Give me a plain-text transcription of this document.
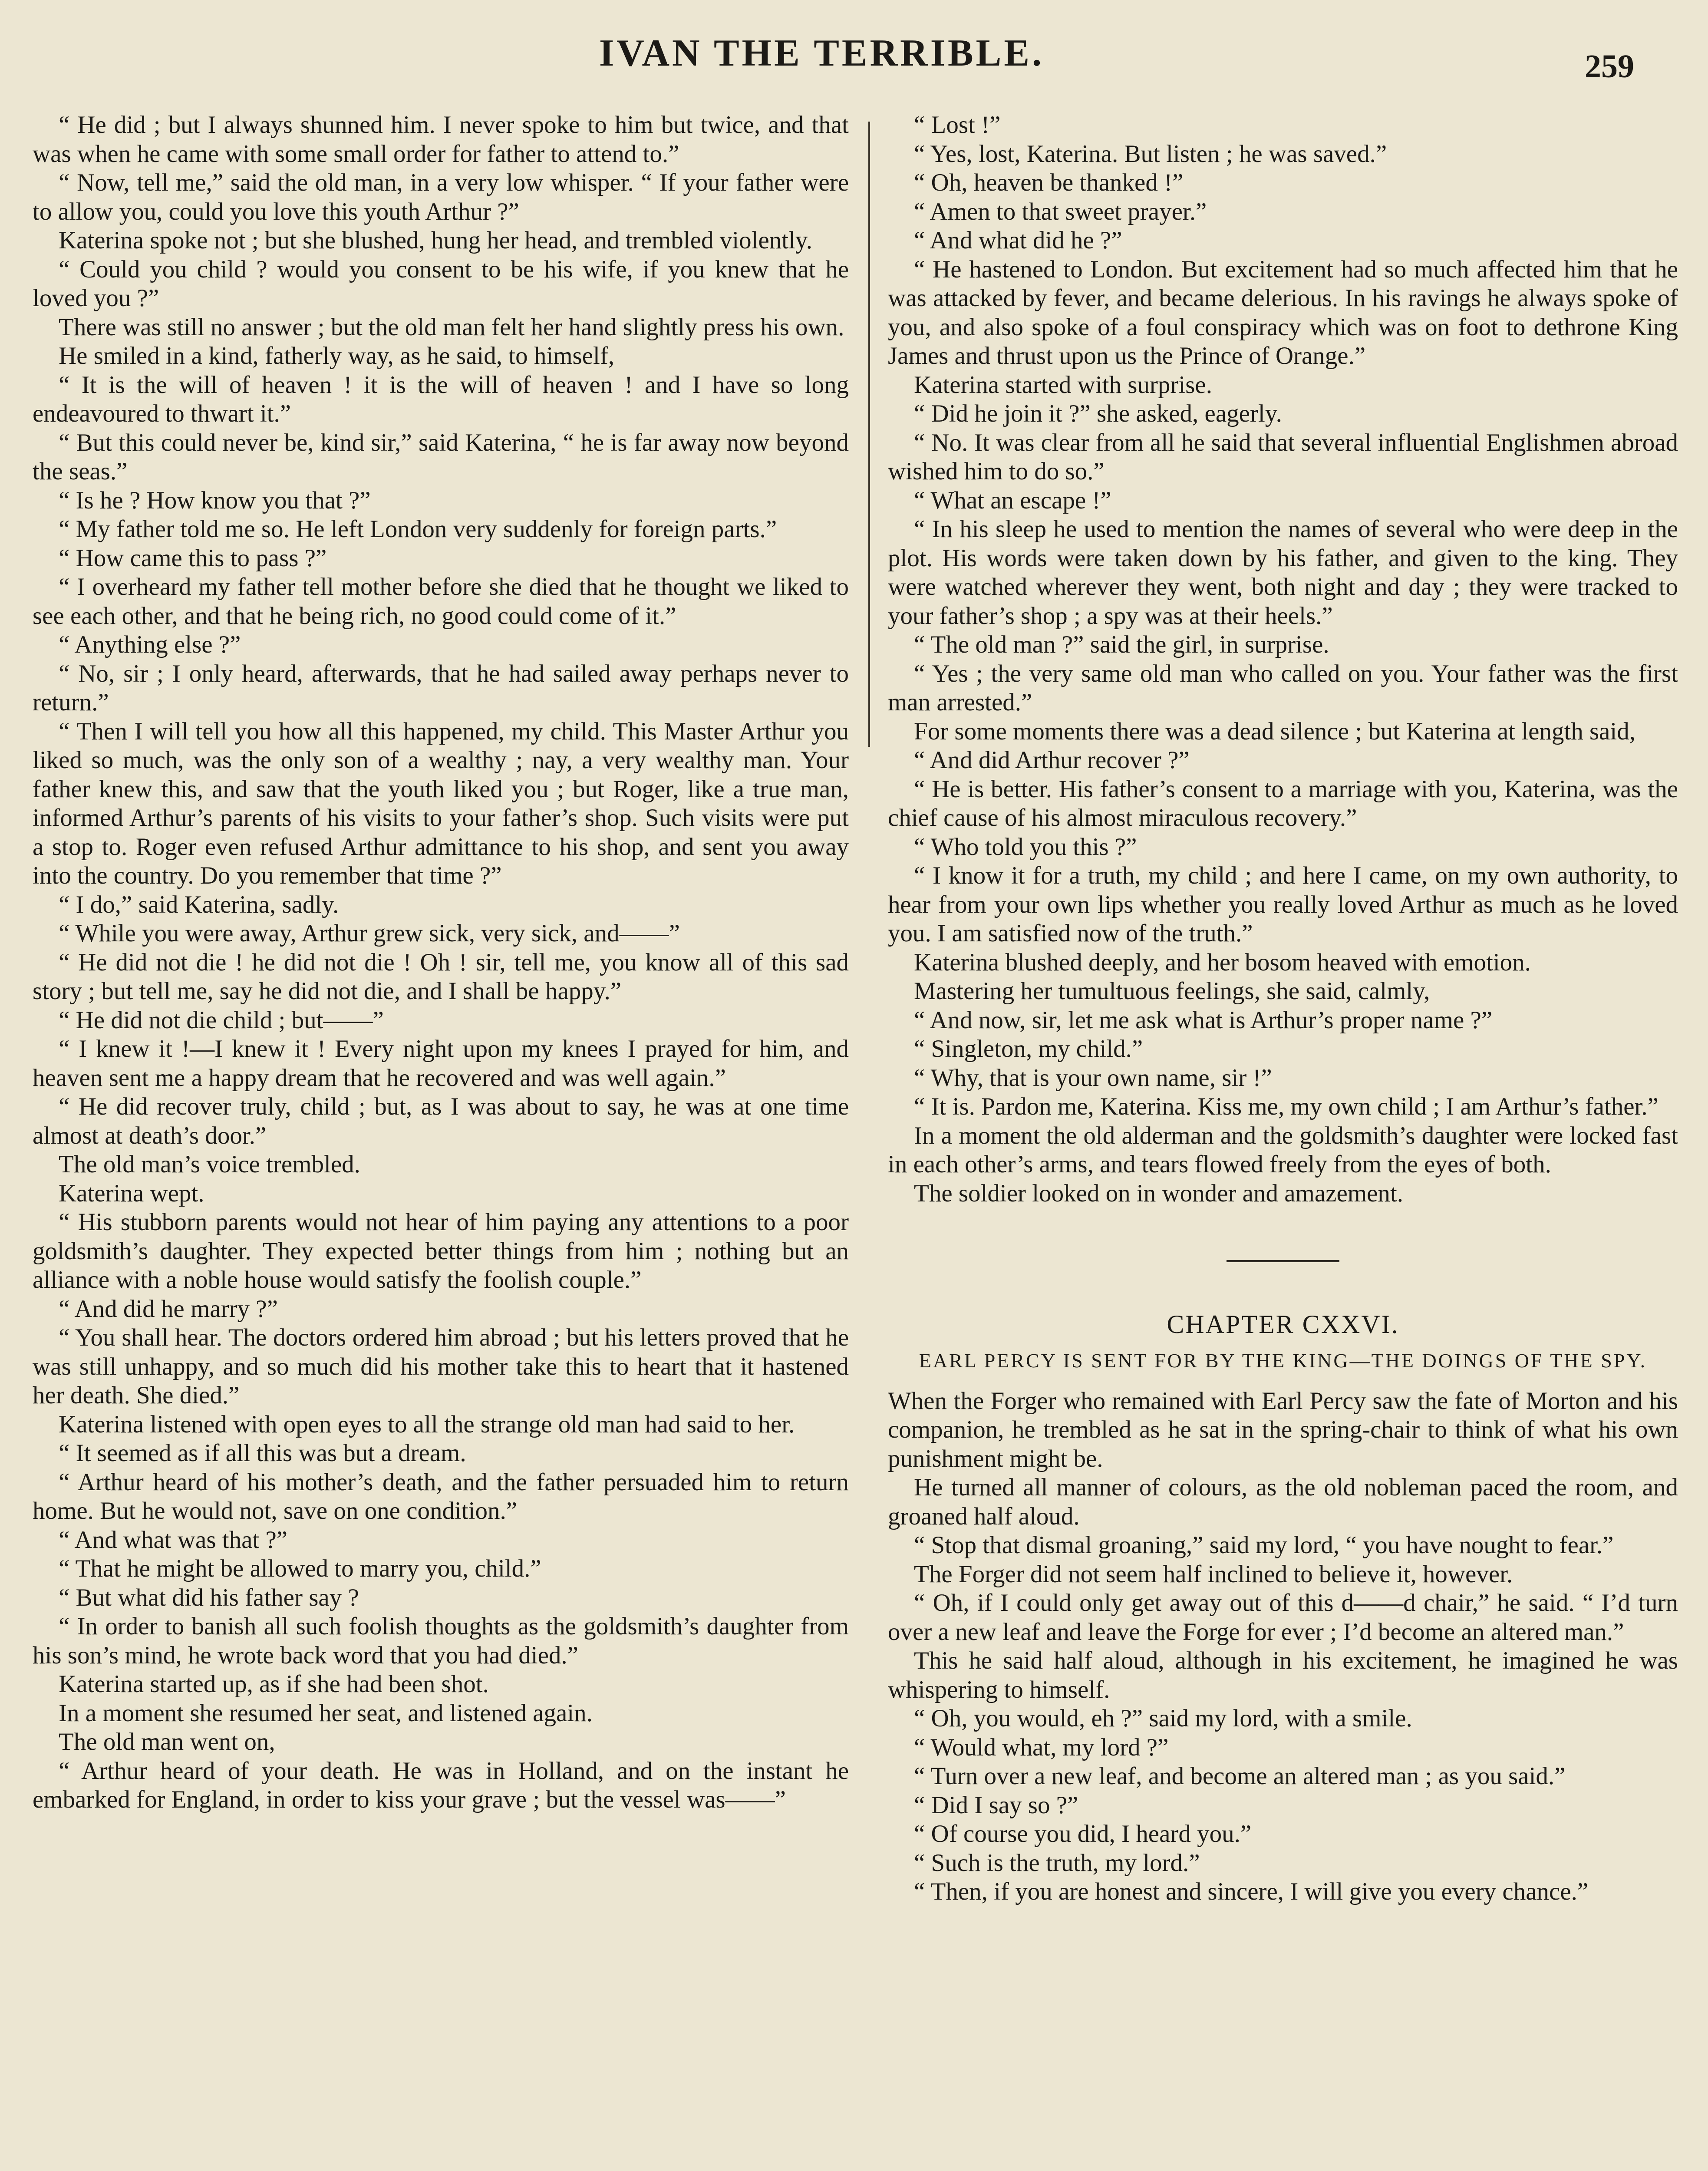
IVAN THE TERRIBLE.	259

“ He did ; but I always shunned him. I never spoke to him but twice, and that was when he came with some small order for father to attend to.”

“ Now, tell me,” said the old man, in a very low whisper. “ If your father were to allow you, could you love this youth Arthur ?”

Katerina spoke not ; but she blushed, hung her head, and trembled violently.

“ Could you child ? would you consent to be his wife, if you knew that he loved you ?”

There was still no answer ; but the old man felt her hand slightly press his own.

He smiled in a kind, fatherly way, as he said, to himself,

“ It is the will of heaven ! it is the will of heaven ! and I have so long endeavoured to thwart it.”

“ But this could never be, kind sir,” said Katerina, “ he is far away now beyond the seas.”

“ Is he ? How know you that ?”

“ My father told me so. He left London very suddenly for foreign parts.”

“ How came this to pass ?”

“ I overheard my father tell mother before she died that he thought we liked to see each other, and that he being rich, no good could come of it.”

“ Anything else ?”

“ No, sir ; I only heard, afterwards, that he had sailed away perhaps never to return.”

“ Then I will tell you how all this happened, my child. This Master Arthur you liked so much, was the only son of a wealthy ; nay, a very wealthy man. Your father knew this, and saw that the youth liked you ; but Roger, like a true man, informed Arthur’s parents of his visits to your father’s shop. Such visits were put a stop to. Roger even refused Arthur admittance to his shop, and sent you away into the country. Do you remember that time ?”

“ I do,” said Katerina, sadly.

“ While you were away, Arthur grew sick, very sick, and——”

“ He did not die ! he did not die ! Oh ! sir, tell me, you know all of this sad story ; but tell me, say he did not die, and I shall be happy.”

“ He did not die child ; but——”

“ I knew it !—I knew it ! Every night upon my knees I prayed for him, and heaven sent me a happy dream that he recovered and was well again.”

“ He did recover truly, child ; but, as I was about to say, he was at one time almost at death’s door.”

The old man’s voice trembled.

Katerina wept.

“ His stubborn parents would not hear of him paying any attentions to a poor goldsmith’s daughter. They expected better things from him ; nothing but an alliance with a noble house would satisfy the foolish couple.”

“ And did he marry ?”

“ You shall hear. The doctors ordered him abroad ; but his letters proved that he was still unhappy, and so much did his mother take this to heart that it hastened her death. She died.”

Katerina listened with open eyes to all the strange old man had said to her.

“ It seemed as if all this was but a dream.

“ Arthur heard of his mother’s death, and the father persuaded him to return home. But he would not, save on one condition.”

“ And what was that ?”

“ That he might be allowed to marry you, child.”

“ But what did his father say ?

“ In order to banish all such foolish thoughts as the goldsmith’s daughter from his son’s mind, he wrote back word that you had died.”

Katerina started up, as if she had been shot.

In a moment she resumed her seat, and listened again.

The old man went on,

“ Arthur heard of your death. He was in Holland, and on the instant he embarked for England, in order to kiss your grave ; but the vessel was——”

“ Lost !”

“ Yes, lost, Katerina. But listen ; he was saved.”

“ Oh, heaven be thanked !”

“ Amen to that sweet prayer.”

“ And what did he ?”

“ He hastened to London. But excitement had so much affected him that he was attacked by fever, and became delerious. In his ravings he always spoke of you, and also spoke of a foul conspiracy which was on foot to dethrone King James and thrust upon us the Prince of Orange.”

Katerina started with surprise.

“ Did he join it ?” she asked, eagerly.

“ No. It was clear from all he said that several influential Englishmen abroad wished him to do so.”

“ What an escape !”

“ In his sleep he used to mention the names of several who were deep in the plot. His words were taken down by his father, and given to the king. They were watched wherever they went, both night and day ; they were tracked to your father’s shop ; a spy was at their heels.”

“ The old man ?” said the girl, in surprise.

“ Yes ; the very same old man who called on you. Your father was the first man arrested.”

For some moments there was a dead silence ; but Katerina at length said,

“ And did Arthur recover ?”

“ He is better. His father’s consent to a marriage with you, Katerina, was the chief cause of his almost miraculous recovery.”

“ Who told you this ?”

“ I know it for a truth, my child ; and here I came, on my own authority, to hear from your own lips whether you really loved Arthur as much as he loved you. I am satisfied now of the truth.”

Katerina blushed deeply, and her bosom heaved with emotion.

Mastering her tumultuous feelings, she said, calmly,

“ And now, sir, let me ask what is Arthur’s proper name ?”

“ Singleton, my child.”

“ Why, that is your own name, sir !”

“ It is. Pardon me, Katerina. Kiss me, my own child ; I am Arthur’s father.”

In a moment the old alderman and the goldsmith’s daughter were locked fast in each other’s arms, and tears flowed freely from the eyes of both.

The soldier looked on in wonder and amazement.

CHAPTER CXXVI.
EARL PERCY IS SENT FOR BY THE KING—THE DOINGS OF THE SPY.

When the Forger who remained with Earl Percy saw the fate of Morton and his companion, he trembled as he sat in the spring-chair to think of what his own punishment might be.

He turned all manner of colours, as the old nobleman paced the room, and groaned half aloud.

“ Stop that dismal groaning,” said my lord, “ you have nought to fear.”

The Forger did not seem half inclined to believe it, however.

“ Oh, if I could only get away out of this d——d chair,” he said. “ I’d turn over a new leaf and leave the Forge for ever ; I’d become an altered man.”

This he said half aloud, although in his excitement, he imagined he was whispering to himself.

“ Oh, you would, eh ?” said my lord, with a smile.

“ Would what, my lord ?”

“ Turn over a new leaf, and become an altered man ; as you said.”

“ Did I say so ?”

“ Of course you did, I heard you.”

“ Such is the truth, my lord.”

“ Then, if you are honest and sincere, I will give you every chance.”
